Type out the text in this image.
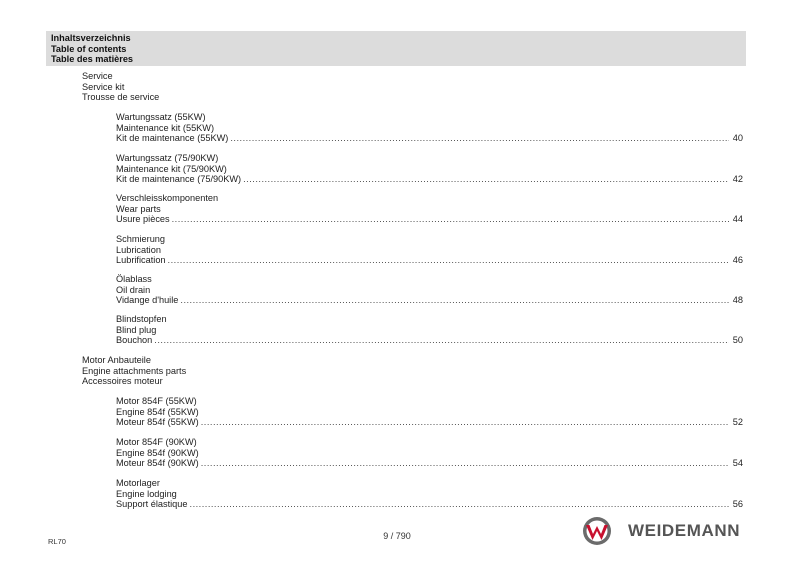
Inhaltsverzeichnis
Table of contents
Table des matières
Service
Service kit
Trousse de service
Wartungssatz (55KW)
Maintenance kit (55KW)
Kit de maintenance (55KW) .....	40
Wartungssatz (75/90KW)
Maintenance kit (75/90KW)
Kit de maintenance (75/90KW) .....	42
Verschleisskomponenten
Wear parts
Usure pièces .....	44
Schmierung
Lubrication
Lubrification .....	46
Ölablass
Oil drain
Vidange d'huile .....	48
Blindstopfen
Blind plug
Bouchon .....	50
Motor Anbauteile
Engine attachments parts
Accessoires moteur
Motor 854F (55KW)
Engine 854f (55KW)
Moteur 854f (55KW) .....	52
Motor 854F (90KW)
Engine 854f (90KW)
Moteur 854f (90KW) .....	54
Motorlager
Engine lodging
Support élastique .....	56
RL70
9 / 790	WEIDEMANN
